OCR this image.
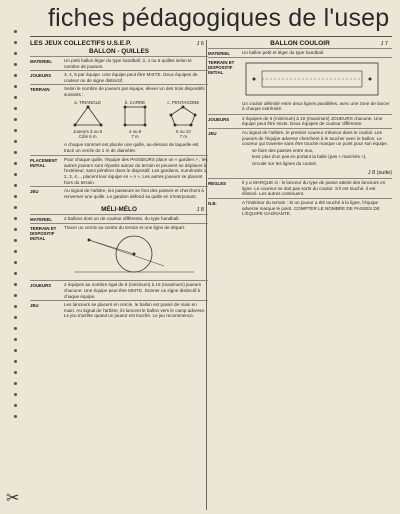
fiches pédagogiques de l'usep
LES JEUX COLLECTIFS U.S.E.P.	J 6
BALLON - QUILLES
MATERIEL	Un petit ballon léger du type handball. 3, 4 ou 5 quilles selon le nombre de joueurs.
JOUEURS	3, 4, 5 par équipe. Une équipe peut être MIXTE. Deux équipes de couleur ou de signe distinctif.
TERRAIN	Selon le nombre de joueurs par équipe, élever un des trois dispositifs suivants :

a. TRIANGLE
Joueurs 3 ou 6
Côté 6 m
b. CARRE
4 ou 8
7 m
c. PENTAGONE
5 ou 10
7 m

A chaque sommet est placée une quille, au-dessus de laquelle est tracé un cercle de 1 m de diamètre.

PLACEMENT INITIAL
Pour chaque quille, l'équipe des PASSEURS place un « gardien » ; les autres joueurs sont répartis autour du terrain et peuvent se déplacer à l'extérieur, sans pénétrer dans le dispositif. Les gardiens, numérotés 1, 2, 3, 4..., placent leur équipe en « n ». Les autres joueurs se placent hors du terrain.
JEU	Au signal de l'arbitre, les passeurs se font des passes et cherchent à renverser une quille. Le gardien défend sa quille en s'interposant.
MÉLI-MÉLO	J 8
MATERIEL	2 ballons dont un de couleur différente, du type handball.
TERRAIN ET DISPOSITIF INITIAL

Tracer un cercle au centre du terrain et une ligne de départ.

JOUEURS	2 équipes au nombre égal de 9 (minimum) à 15 (maximum) joueurs chacune. Une équipe peut être MIXTE. Donner un signe distinctif à chaque équipe.
JEU	Les lanceurs se placent en cercle, le ballon est passé de main en main. Au signal de l'arbitre, ils lancent le ballon vers le camp adverse. Le jeu s'arrête quand un joueur est touché. Le jeu recommence.
BALLON COULOIR	J 7
MATERIEL	Un ballon petit et léger du type handball.
TERRAIN ET DISPOSITIF INITIAL

Un couloir délimité entre deux lignes parallèles, avec une zone de lancer à chaque extrémité.

JOUEURS	2 équipes de 6 (minimum) à 10 (maximum) JOUEURS chacune. Une équipe peut être mixte. Deux équipes de couleur différente.
JEU	Au signal de l'arbitre, le premier coureur s'élance dans le couloir. Les joueurs de l'équipe adverse cherchent à le toucher avec le ballon. Le coureur qui traverse sans être touché marque un point pour son équipe.

se faire des passes entre eux,

tenir plus d'un pas en portant la balle (pas « marchés »),

circuler sur les lignes du couloir.

J 8 (suite)
REGLES	Il y a MARQUE si : le lanceur du type de passe atteint des lanceurs en ligne. Le coureur ne doit pas sortir du couloir. S'il est touché, il est éliminé. Les autres continuent.
N.B.	A l'intérieur du terrain : Si un joueur a été touché à la ligne, l'équipe adverse marque le point. COMPTER LE NOMBRE DE PASSES DE L'ÉQUIPE GAGNANTE.
✂
